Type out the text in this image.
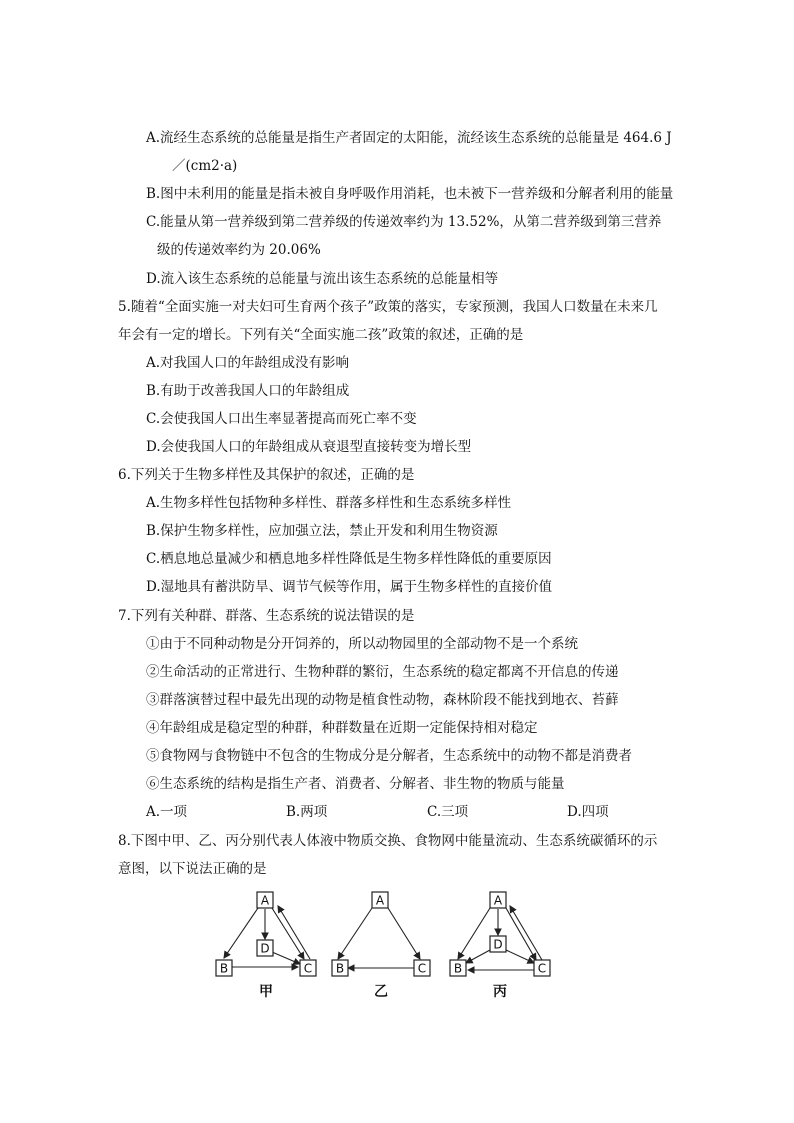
A.流经生态系统的总能量是指生产者固定的太阳能，流经该生态系统的总能量是 464.6 J
／(cm2·a)
B.图中未利用的能量是指未被自身呼吸作用消耗，也未被下一营养级和分解者利用的能量
C.能量从第一营养级到第二营养级的传递效率约为 13.52%，从第二营养级到第三营养
级的传递效率约为 20.06%
D.流入该生态系统的总能量与流出该生态系统的总能量相等
5.随着“全面实施一对夫妇可生育两个孩子”政策的落实，专家预测，我国人口数量在未来几
年会有一定的增长。下列有关“全面实施二孩”政策的叙述，正确的是
A.对我国人口的年龄组成没有影响
B.有助于改善我国人口的年龄组成
C.会使我国人口出生率显著提高而死亡率不变
D.会使我国人口的年龄组成从衰退型直接转变为增长型
6.下列关于生物多样性及其保护的叙述，正确的是
A.生物多样性包括物种多样性、群落多样性和生态系统多样性
B.保护生物多样性，应加强立法，禁止开发和利用生物资源
C.栖息地总量减少和栖息地多样性降低是生物多样性降低的重要原因
D.湿地具有蓄洪防旱、调节气候等作用，属于生物多样性的直接价值
7.下列有关种群、群落、生态系统的说法错误的是
①由于不同种动物是分开饲养的，所以动物园里的全部动物不是一个系统
②生命活动的正常进行、生物种群的繁衍，生态系统的稳定都离不开信息的传递
③群落演替过程中最先出现的动物是植食性动物，森林阶段不能找到地衣、苔藓
④年龄组成是稳定型的种群，种群数量在近期一定能保持相对稳定
⑤食物网与食物链中不包含的生物成分是分解者，生态系统中的动物不都是消费者
⑥生态系统的结构是指生产者、消费者、分解者、非生物的物质与能量
A.一项	B.两项	C.三项	D.四项
8.下图中甲、乙、丙分别代表人体液中物质交换、食物网中能量流动、生态系统碳循环的示
意图，以下说法正确的是
A
D
B	C
甲
A
B	C
乙
A
D
B	C
丙
